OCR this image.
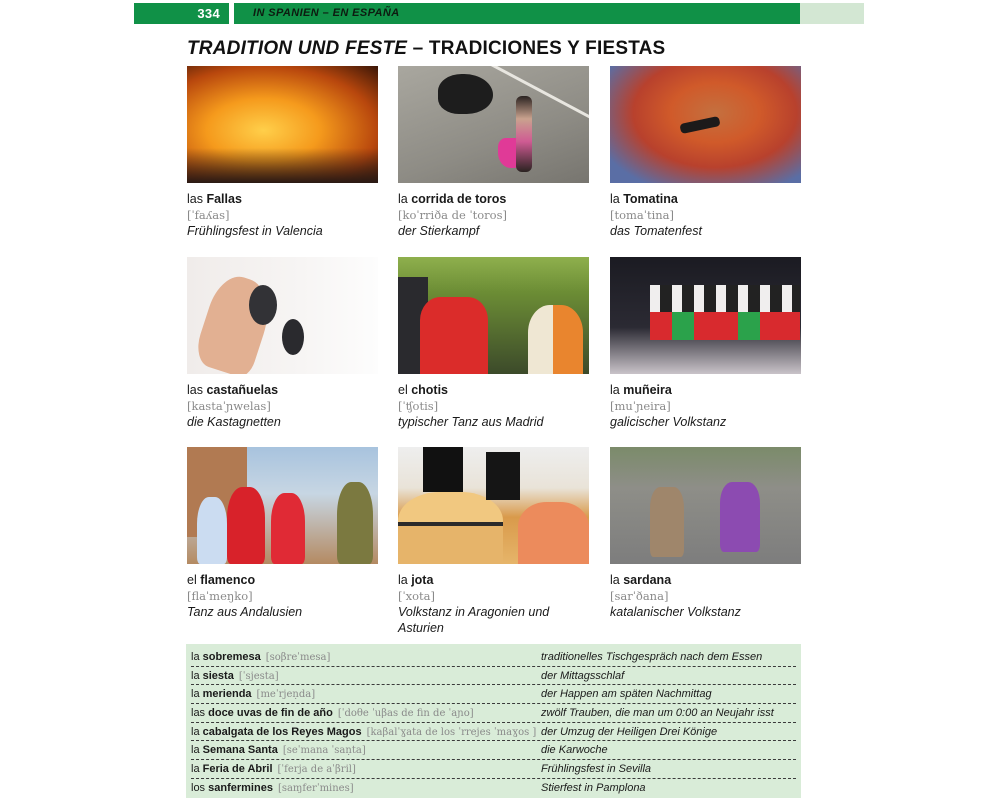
334	IN SPANIEN – EN ESPAÑA
TRADITION UND FESTE – TRADICIONES Y FIESTAS
las Fallas
[ˈfaʎas]
Frühlingsfest in Valencia
la corrida de toros
[koˈrriða de ˈtoros]
der Stierkampf
la Tomatina
[tomaˈtina]
das Tomatenfest
las castañuelas
[kastaˈɲwelas]
die Kastagnetten
el chotis
[ˈʧotis]
typischer Tanz aus Madrid
la muñeira
[muˈɲeira]
galicischer Volkstanz
el flamenco
[flaˈmeŋko]
Tanz aus Andalusien
la jota
[ˈxota]
Volkstanz in Aragonien und Asturien
la sardana
[sarˈðana]
katalanischer Volkstanz
la sobremesa [soβreˈmesa]	traditionelles Tischgespräch nach dem Essen
la siesta [ˈsjesta]	der Mittagsschlaf
la merienda [meˈrjeṇda]	der Happen am späten Nachmittag
las doce uvas de fin de año [ˈdoθe ˈuβas de fin de ˈaɲo]	zwölf Trauben, die man um 0:00 an Neujahr isst
la cabalgata de los Reyes Magos [kaβalˈɣata de los ˈrrejes ˈmaɣos ] der Umzug der Heiligen Drei Könige
la Semana Santa [seˈmana ˈsaṇta]	die Karwoche
la Feria de Abril [ˈferja de aˈβril]	Frühlingsfest in Sevilla
los sanfermines [saɱferˈmines]	Stierfest in Pamplona
